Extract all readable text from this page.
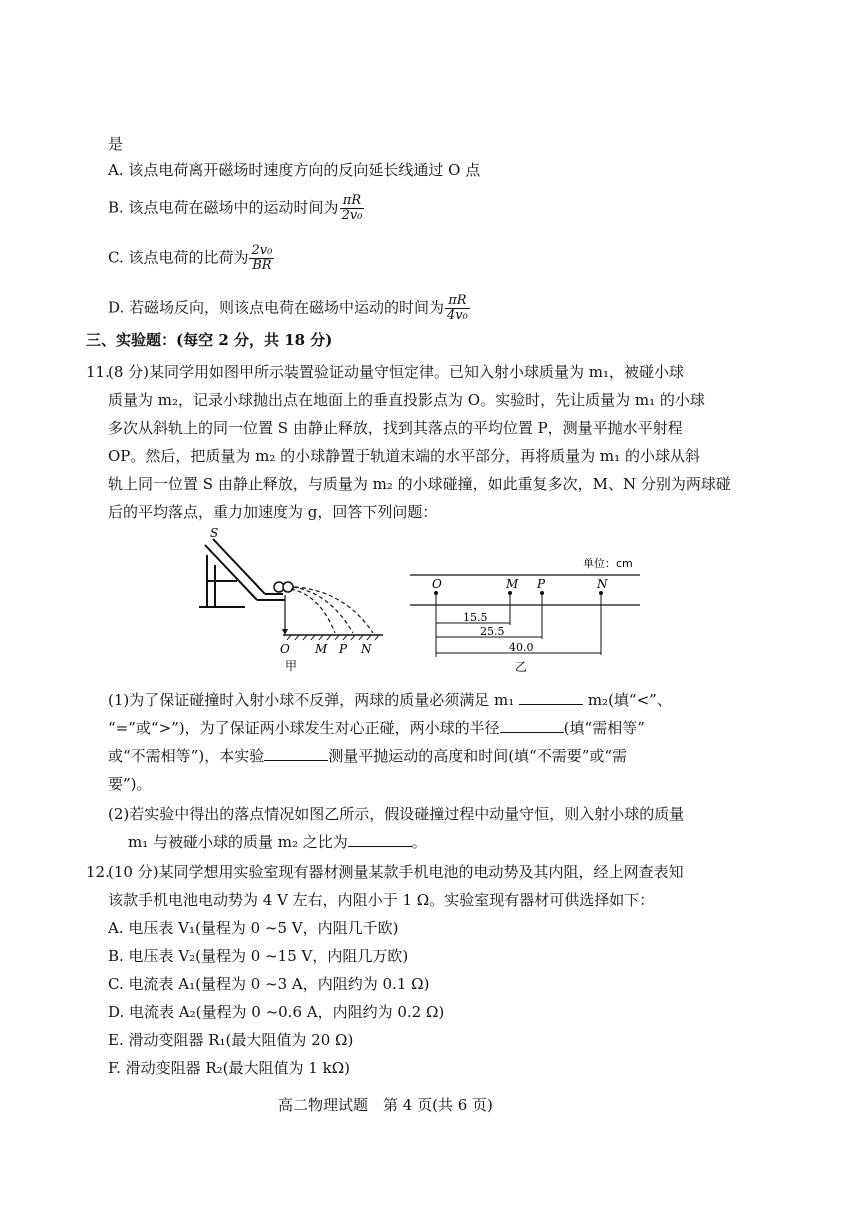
是
A. 该点电荷离开磁场时速度方向的反向延长线通过 O 点
B. 该点电荷在磁场中的运动时间为 $\frac{\pi R}{\text{2v₀}}$
C. 该点电荷的比荷为 $\frac{\text{2v₀}}{BR}$
D. 若磁场反向，则该点电荷在磁场中运动的时间为 $\frac{\pi R}{\text{4v₀}}$
三、实验题：(每空 2 分，共 18 分)
11.
(8 分)某同学用如图甲所示装置验证动量守恒定律。已知入射小球质量为 m₁，被碰小球
质量为 m₂，记录小球抛出点在地面上的垂直投影点为 O。实验时，先让质量为 m₁ 的小球
多次从斜轨上的同一位置 S 由静止释放，找到其落点的平均位置 P，测量平抛水平射程
OP。然后，把质量为 m₂ 的小球静置于轨道末端的水平部分，再将质量为 m₁ 的小球从斜
轨上同一位置 S 由静止释放，与质量为 m₂ 的小球碰撞，如此重复多次，M、N 分别为两球碰
后的平均落点，重力加速度为 g，回答下列问题：
S
O M P N
甲
单位：cm
O	M P	N
15.5
25.5
40.0
乙
(1)为了保证碰撞时入射小球不反弹，两球的质量必须满足 m₁	m₂(填“<”、
“=”或“>”)，为了保证两小球发生对心正碰，两小球的半径	(填“需相等”
或“不需相等”)，本实验	测量平抛运动的高度和时间(填“不需要”或“需
要”)。
(2)若实验中得出的落点情况如图乙所示，假设碰撞过程中动量守恒，则入射小球的质量
m₁ 与被碰小球的质量 m₂ 之比为	。
12.
(10 分)某同学想用实验室现有器材测量某款手机电池的电动势及其内阻，经上网查表知
该款手机电池电动势为 4 V 左右，内阻小于 1 Ω。实验室现有器材可供选择如下：
A. 电压表 V₁(量程为 0 ~5 V，内阻几千欧)
B. 电压表 V₂(量程为 0 ~15 V，内阻几万欧)
C. 电流表 A₁(量程为 0 ~3 A，内阻约为 0.1 Ω)
D. 电流表 A₂(量程为 0 ~0.6 A，内阻约为 0.2 Ω)
E. 滑动变阻器 R₁(最大阻值为 20 Ω)
F. 滑动变阻器 R₂(最大阻值为 1 kΩ)
高二物理试题　第 4 页(共 6 页)
